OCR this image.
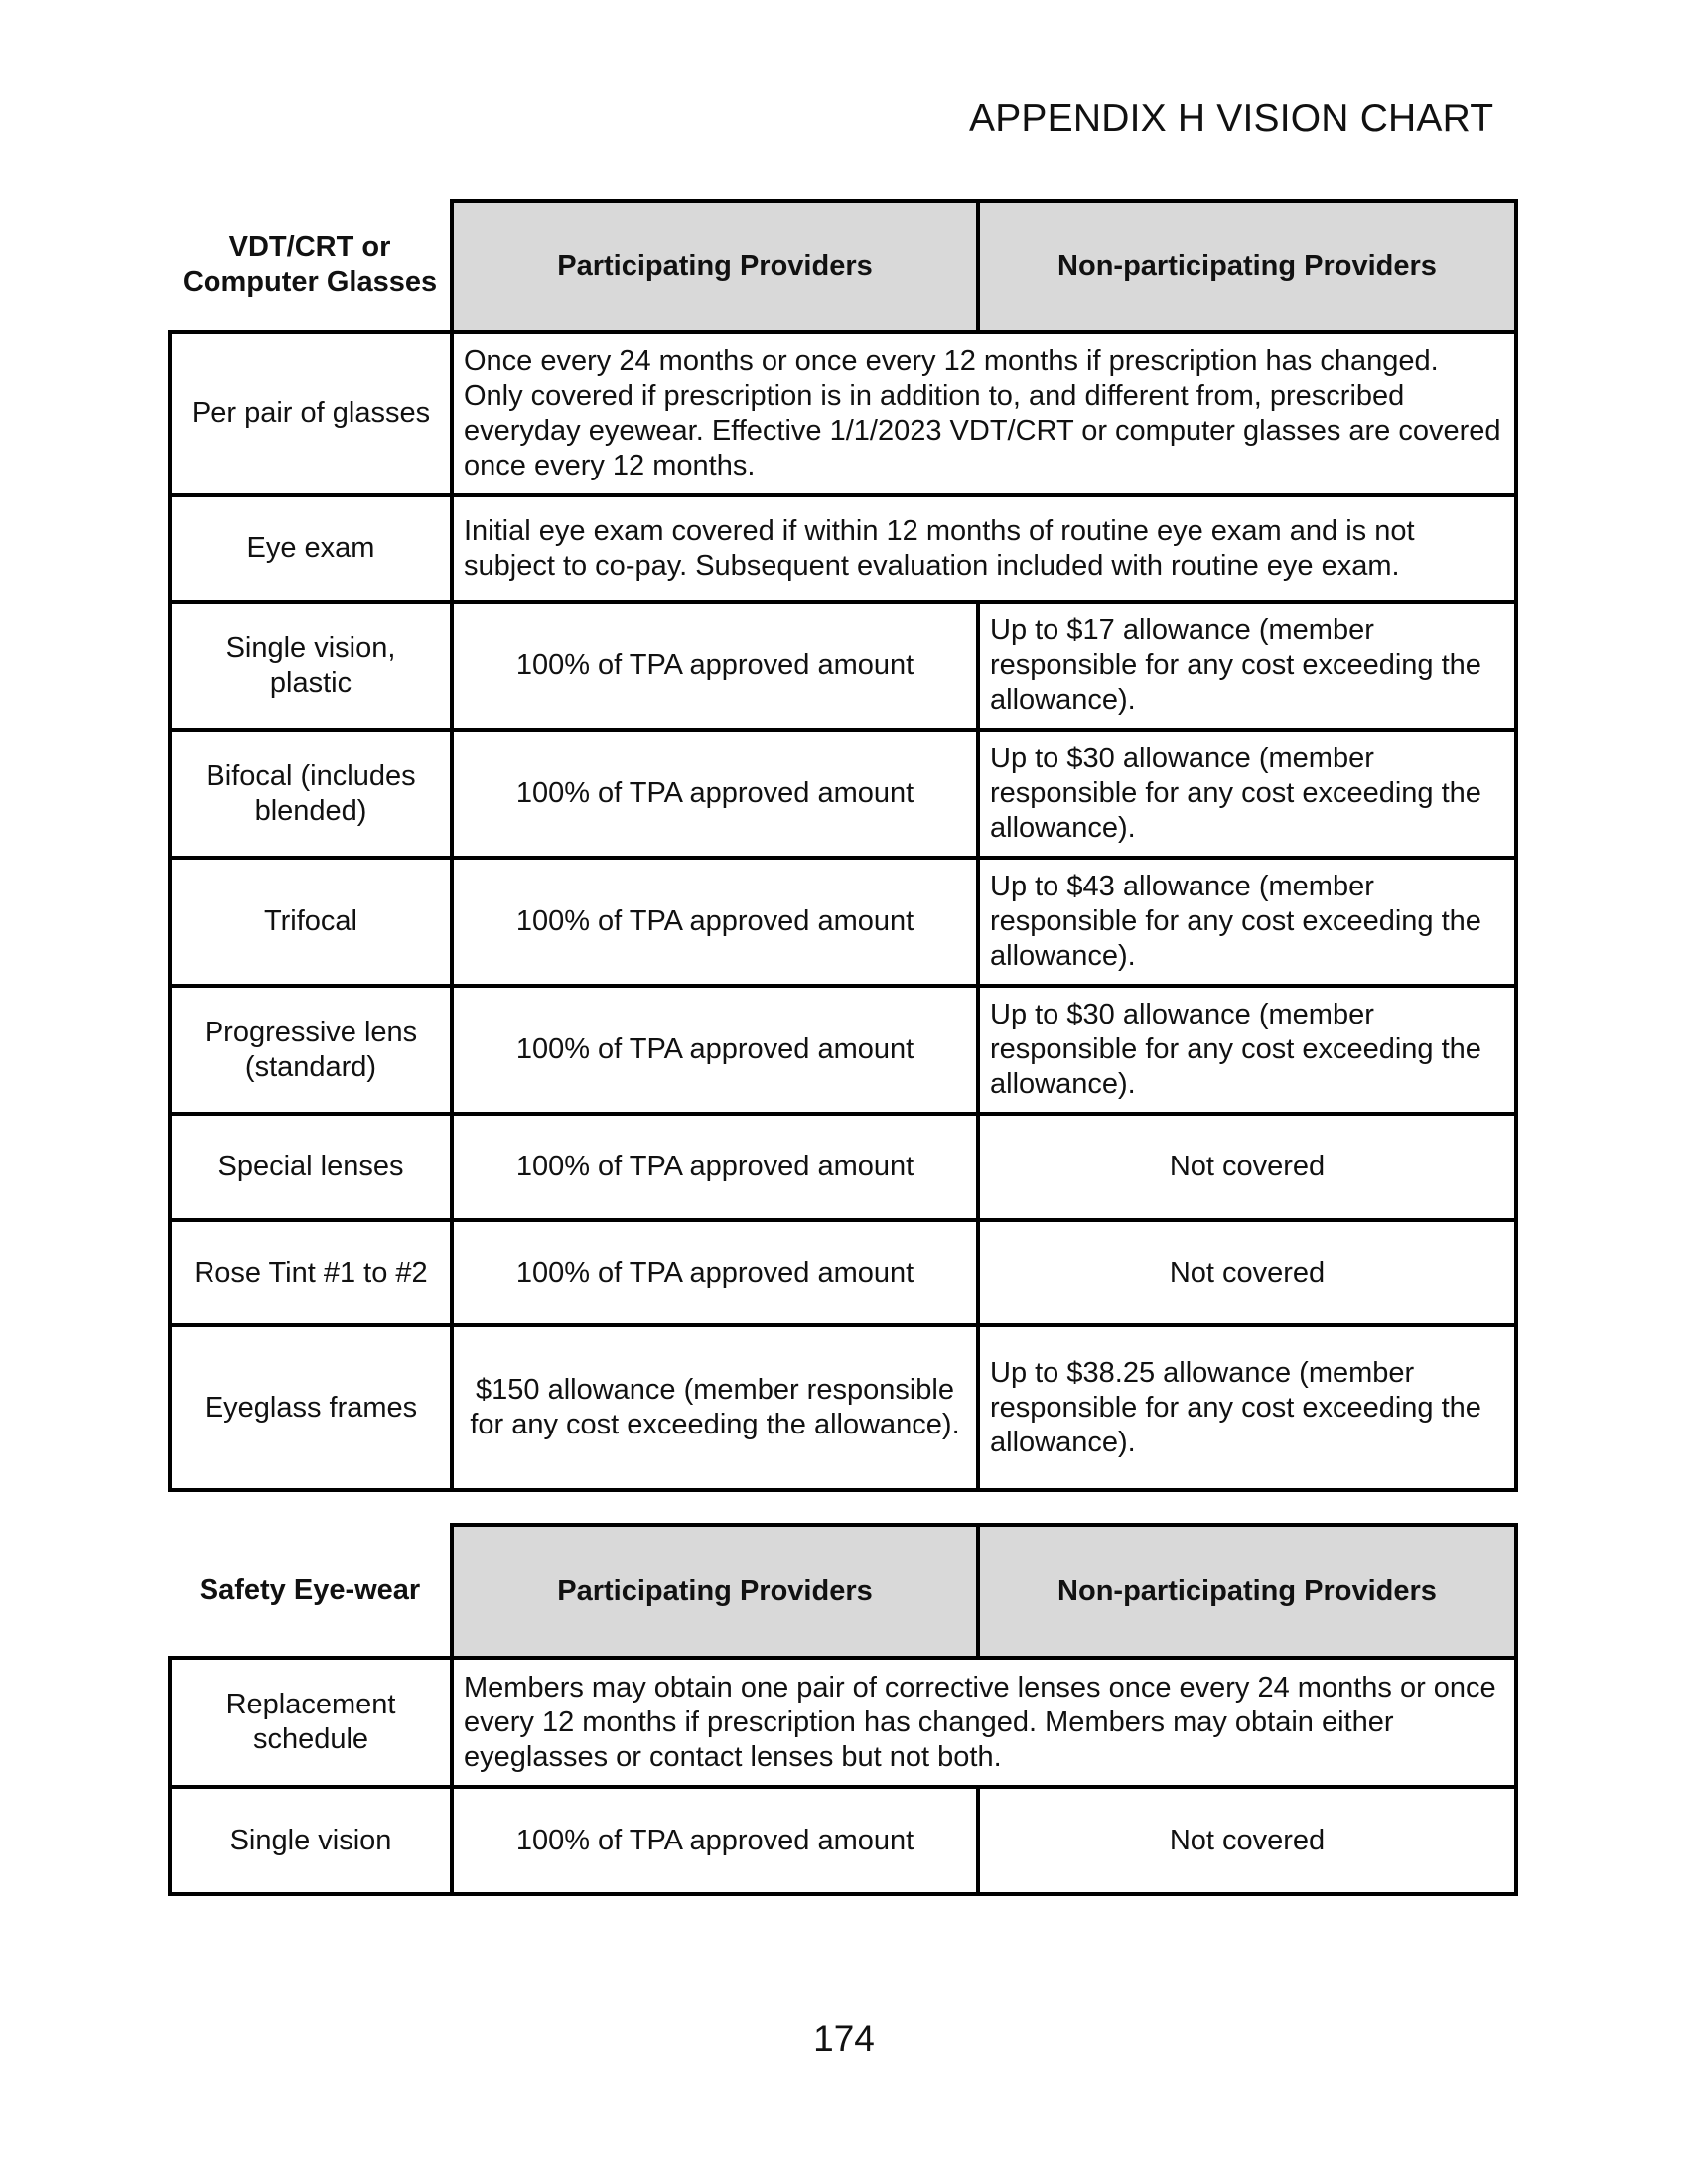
APPENDIX H VISION CHART
VDT/CRT or Computer Glasses	Participating Providers	Non-participating Providers
Per pair of glasses	Once every 24 months or once every 12 months if prescription has changed. Only covered if prescription is in addition to, and different from, prescribed everyday eyewear. Effective 1/1/2023 VDT/CRT or computer glasses are covered once every 12 months.	
Eye exam	Initial eye exam covered if within 12 months of routine eye exam and is not subject to co-pay. Subsequent evaluation included with routine eye exam.	
Single vision, plastic	100% of TPA approved amount	Up to $17 allowance (member responsible for any cost exceeding the allowance).
Bifocal (includes blended)	100% of TPA approved amount	Up to $30 allowance (member responsible for any cost exceeding the allowance).
Trifocal	100% of TPA approved amount	Up to $43 allowance (member responsible for any cost exceeding the allowance).
Progressive lens (standard)	100% of TPA approved amount	Up to $30 allowance (member responsible for any cost exceeding the allowance).
Special lenses	100% of TPA approved amount	Not covered
Rose Tint #1 to #2	100% of TPA approved amount	Not covered
Eyeglass frames	$150 allowance (member responsible for any cost exceeding the allowance).	Up to $38.25 allowance (member responsible for any cost exceeding the allowance).
Safety Eye-wear	Participating Providers	Non-participating Providers
Replacement schedule	Members may obtain one pair of corrective lenses once every 24 months or once every 12 months if prescription has changed. Members may obtain either eyeglasses or contact lenses but not both.	
Single vision	100% of TPA approved amount	Not covered
174
